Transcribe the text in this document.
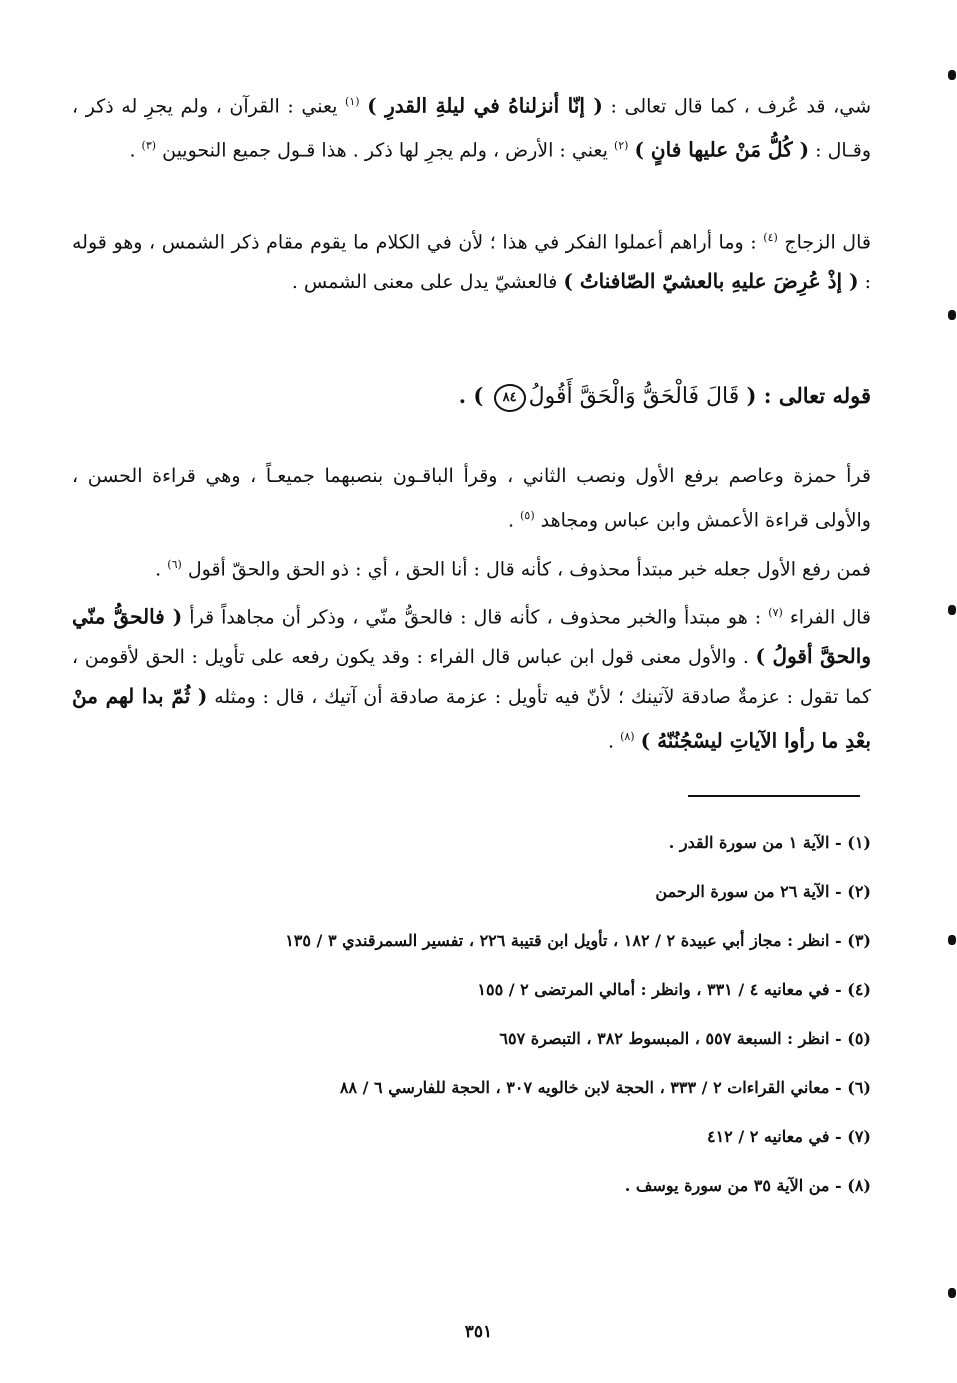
شي، قد عُرف ، كما قال تعالى : ( إنّا أنزلناهُ في ليلةِ القدرِ ) $^{(١)}$ يعني : القرآن ، ولم يجرِ له ذكر ، وقـال : ( كُلُّ مَنْ عليها فانٍ ) $^{(٢)}$ يعني : الأرض ، ولم يجرِ لها ذكر . هذا قـول جميع النحويين $^{(٣)}$ .

قال الزجاج $^{(٤)}$ : وما أراهم أعملوا الفكر في هذا ؛ لأن في الكلام ما يقوم مقام ذكر الشمس ، وهو قوله : ( إذْ عُرِضَ عليهِ بالعشيّ الصّافناتُ ) فالعشيّ يدل على معنى الشمس .

قوله تعالى : ( قَالَ فَالْحَقُّ وَالْحَقَّ أَقُولُ٨٤ ) .

قرأ حمزة وعاصم برفع الأول ونصب الثاني ، وقرأ الباقـون بنصبهما جميعـاً ، وهي قراءة الحسن ، والأولى قراءة الأعمش وابن عباس ومجاهد $^{(٥)}$ .

فمن رفع الأول جعله خبر مبتدأ محذوف ، كأنه قال : أنا الحق ، أي : ذو الحق والحقّ أقول $^{(٦)}$ .

قال الفراء $^{(٧)}$ : هو مبتدأ والخبر محذوف ، كأنه قال : فالحقُّ منّي ، وذكر أن مجاهداً قرأ ( فالحقُّ منّي والحقَّ أقولُ ) . والأول معنى قول ابن عباس قال الفراء : وقد يكون رفعه على تأويل : الحق لأقومن ، كما تقول : عزمةٌ صادقة لآتينك ؛ لأنّ فيه تأويل : عزمة صادقة أن آتيك ، قال : ومثله ( ثُمّ بدا لهم منْ بعْدِ ما رأوا الآياتِ ليسْجُنُنّهُ ) $^{(٨)}$ .

(١) - الآية ١ من سورة القدر .

(٢) - الآية ٢٦ من سورة الرحمن

(٣) - انظر : مجاز أبي عبيدة ٢ / ١٨٢ ، تأويل ابن قتيبة ٢٢٦ ، تفسير السمرقندي ٣ / ١٣٥

(٤) - في معانيه ٤ / ٣٣١ ، وانظر : أمالي المرتضى ٢ / ١٥٥

(٥) - انظر : السبعة ٥٥٧ ، المبسوط ٣٨٢ ، التبصرة ٦٥٧

(٦) - معاني القراءات ٢ / ٣٣٣ ، الحجة لابن خالويه ٣٠٧ ، الحجة للفارسي ٦ / ٨٨

(٧) - في معانيه ٢ / ٤١٢

(٨) - من الآية ٣٥ من سورة يوسف .

٣٥١
